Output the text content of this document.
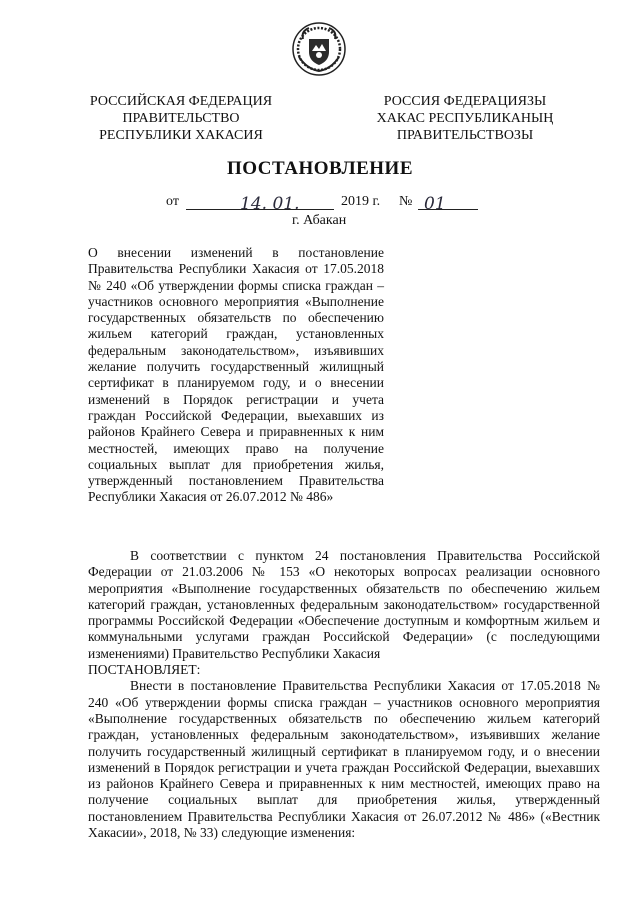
РОССИЙСКАЯ ФЕДЕРАЦИЯ
ПРАВИТЕЛЬСТВО
РЕСПУБЛИКИ ХАКАСИЯ
РОССИЯ ФЕДЕРАЦИЯЗЫ
ХАКАС РЕСПУБЛИКАНЫҢ
ПРАВИТЕЛЬСТВОЗЫ
ПОСТАНОВЛЕНИЕ
от	14. 01.	2019 г. № 01
г. Абакан
О внесении изменений в постановление Правительства Республики Хакасия от 17.05.2018 № 240 «Об утверждении формы списка граждан – участников основного мероприятия «Выполнение государственных обязательств по обеспечению жильем категорий граждан, установленных федеральным законодательством», изъявивших желание получить государственный жилищный сертификат в планируемом году, и о внесении изменений в Порядок регистрации и учета граждан Российской Федерации, выехавших из районов Крайнего Севера и приравненных к ним местностей, имеющих право на получение социальных выплат для приобретения жилья, утвержденный постановлением Правительства Республики Хакасия от 26.07.2012 № 486»

В соответствии с пунктом 24 постановления Правительства Российской Федерации от 21.03.2006 № 153 «О некоторых вопросах реализации основного мероприятия «Выполнение государственных обязательств по обеспечению жильем категорий граждан, установленных федеральным законодательством» государственной программы Российской Федерации «Обеспечение доступным и комфортным жильем и коммунальными услугами граждан Российской Федерации» (с последующими изменениями) Правительство Республики Хакасия

ПОСТАНОВЛЯЕТ:

Внести в постановление Правительства Республики Хакасия от 17.05.2018 № 240 «Об утверждении формы списка граждан – участников основного мероприятия «Выполнение государственных обязательств по обеспечению жильем категорий граждан, установленных федеральным законодательством», изъявивших желание получить государственный жилищный сертификат в планируемом году, и о внесении изменений в Порядок регистрации и учета граждан Российской Федерации, выехавших из районов Крайнего Севера и приравненных к ним местностей, имеющих право на получение социальных выплат для приобретения жилья, утвержденный постановлением Правительства Республики Хакасия от 26.07.2012 № 486» («Вестник Хакасии», 2018, № 33) следующие изменения:
